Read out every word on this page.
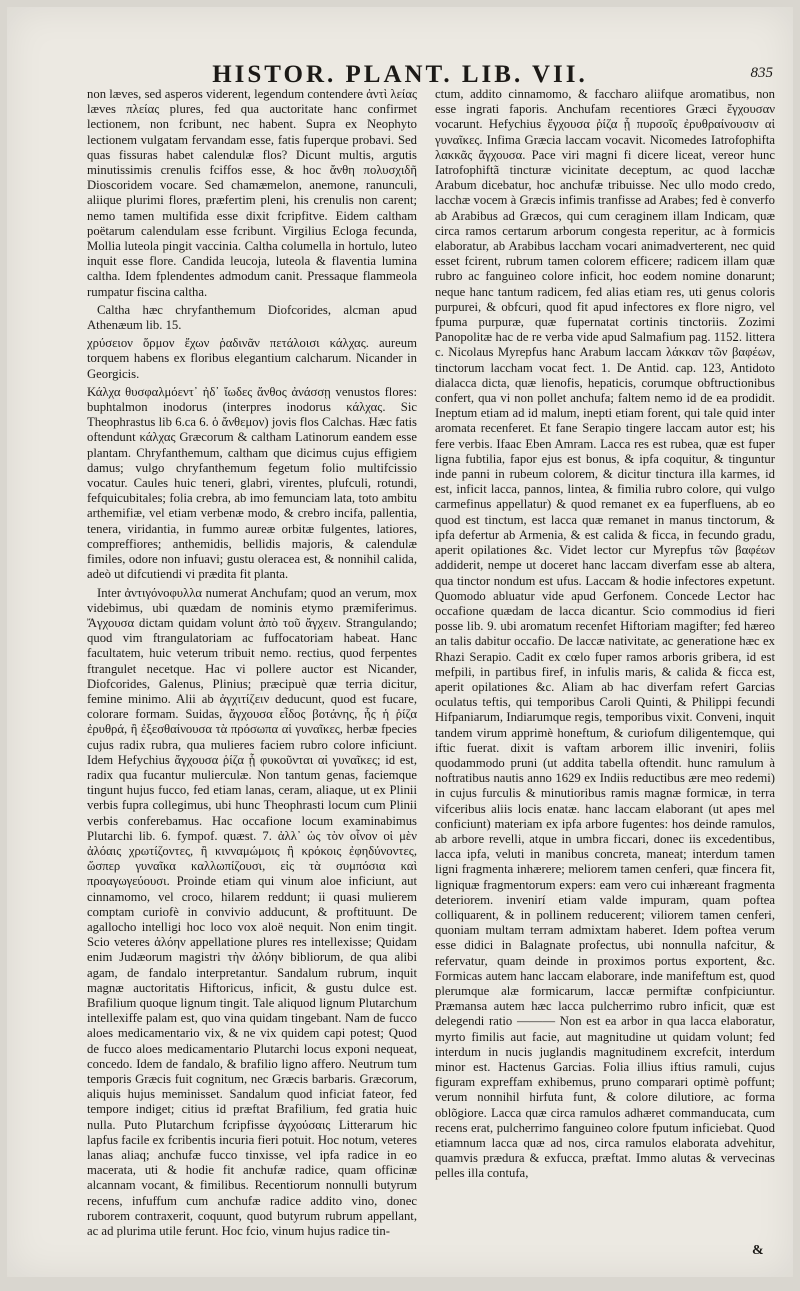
HISTOR. PLANT. LIB. VII.	835

non læves, sed asperos viderent, legendum contendere ἀντὶ λείας læves πλείας plures, fed qua auctoritate hanc confirmet lectionem, non fcribunt, nec habent. Supra ex Neophyto lectionem vulgatam fervandam esse, fatis fuperque probavi. Sed quas fissuras habet calendulæ flos? Dicunt multis, argutis minutissimis crenulis fciffos esse, & hoc ἄνθη πολυσχιδῆ Dioscoridem vocare. Sed chamæmelon, anemone, ranunculi, aliique plurimi flores, præfertim pleni, his crenulis non carent; nemo tamen multifida esse dixit fcripfitve. Eidem caltham poëtarum calendulam esse fcribunt. Virgilius Ecloga fecunda, Mollia luteola pingit vaccinia. Caltha columella in hortulo, luteo inquit esse flore. Candida leucoja, luteola & flaventia lumina caltha. Idem fplendentes admodum canit. Pressaque flammeola rumpatur fiscina caltha.

Caltha hæc chryfanthemum Diofcorides, alcman apud Athenæum lib. 15.

χρύσειον ὅρμον ἔχων ῥαδινᾶν πετάλοισι κάλχας. aureum torquem habens ex floribus elegantium calcharum. Nicander in Georgicis.

Κάλχα θυσφαλμόεντ᾽ ἠδ᾽ ἴωδες ἄνθος ἀνάσσῃ venustos flores: buphtalmon inodorus (interpres inodorus κάλχας. Sic Theophrastus lib 6.ca 6. ὁ ἄνθεμον) jovis flos Calchas. Hæc fatis oftendunt κάλχας Græcorum & caltham Latinorum eandem esse plantam. Chryfanthemum, caltham que dicimus cujus effigiem damus; vulgo chryfanthemum fegetum folio multifcissio vocatur. Caules huic teneri, glabri, virentes, plufculi, rotundi, fefquicubitales; folia crebra, ab imo femunciam lata, toto ambitu arthemifiæ, vel etiam verbenæ modo, & crebro incifa, pallentia, tenera, viridantia, in fummo aureæ orbitæ fulgentes, latiores, compreffiores; anthemidis, bellidis majoris, & calendulæ fimiles, odore non infuavi; gustu oleracea est, & nonnihil calida, adeò ut difcutiendi vi prædita fit planta.

Inter ἀντιγόνοφυλλα numerat Anchufam; quod an verum, mox videbimus, ubi quædam de nominis etymo præmiferimus. Ἄγχουσα dictam quidam volunt ἀπὸ τοῦ ἄγχειν. Strangulando; quod vim ftrangulatoriam ac fuffocatoriam habeat. Hanc facultatem, huic veterum tribuit nemo. rectius, quod ferpentes ftrangulet necetque. Hac vi pollere auctor est Nicander, Diofcorides, Galenus, Plinius; præcipuè quæ terria dicitur, femine minimo. Alii ab ἀγχιτίζειν deducunt, quod est fucare, colorare formam. Suidas, ἄγχουσα εἶδος βοτάνης, ἧς ἡ ῥίζα ἐρυθρά, ἢ ἐξεσθαίνουσα τὰ πρόσωπα αἱ γυναῖκες, herbæ fpecies cujus radix rubra, qua mulieres faciem rubro colore inficiunt. Idem Hefychius ἄγχουσα ῥίζα ᾗ φυκοῦνται αἱ γυναῖκες; id est, radix qua fucantur mulierculæ. Non tantum genas, faciemque tingunt hujus fucco, fed etiam lanas, ceram, aliaque, ut ex Plinii verbis fupra collegimus, ubi hunc Theophrasti locum cum Plinii verbis conferebamus. Hac occafione locum examinabimus Plutarchi lib. 6. fympof. quæst. 7. ἀλλ᾽ ὡς τὸν οἶνον οἱ μὲν ἀλόαις χρωτίζοντες, ἢ κινναμώμοις ἢ κρόκοις ἐφηδύνοντες, ὥσπερ γυναῖκα καλλωπίζουσι, εἰς τὰ συμπόσια καὶ προαγωγεύουσι. Proinde etiam qui vinum aloe inficiunt, aut cinnamomo, vel croco, hilarem reddunt; ii quasi mulierem comptam curiofè in convivio adducunt, & proftituunt. De agallocho intelligi hoc loco vox aloë nequit. Non enim tingit. Scio veteres ἀλόην appellatione plures res intellexisse; Quidam enim Judæorum magistri τὴν ἀλόην bibliorum, de qua alibi agam, de fandalo interpretantur. Sandalum rubrum, inquit magnæ auctoritatis Hiftoricus, inficit, & gustu dulce est. Brafilium quoque lignum tingit. Tale aliquod lignum Plutarchum intellexiffe palam est, quo vina quidam tingebant. Nam de fucco aloes medicamentario vix, & ne vix quidem capi potest; Quod de fucco aloes medicamentario Plutarchi locus exponi nequeat, concedo. Idem de fandalo, & brafilio ligno affero. Neutrum tum temporis Græcis fuit cognitum, nec Græcis barbaris. Græcorum, aliquis hujus meminisset. Sandalum quod inficiat fateor, fed tempore indiget; citius id præftat Brafilium, fed gratia huic nulla. Puto Plutarchum fcripfisse ἀγχούσαις Litterarum hic lapfus facile ex fcribentis incuria fieri potuit. Hoc notum, veteres lanas aliaq; anchufæ fucco tinxisse, vel ipfa radice in eo macerata, uti & hodie fit anchufæ radice, quam officinæ alcannam vocant, & fimilibus. Recentiorum nonnulli butyrum recens, infuffum cum anchufæ radice addito vino, donec ruborem contraxerit, coquunt, quod butyrum rubrum appellant, ac ad plurima utile ferunt. Hoc fcio, vinum hujus radice tin-

ctum, addito cinnamomo, & faccharo aliifque aromatibus, non esse ingrati faporis. Anchufam recentiores Græci ἔγχουσαν vocarunt. Hefychius ἔγχουσα ῥίζα ᾗ πυρσοῖς ἐρυθραίνουσιν αἱ γυναῖκες. Infima Græcia laccam vocavit. Nicomedes Iatrofophifta λακκᾶς ἄγχουσα. Pace viri magni fi dicere liceat, vereor hunc Iatrofophiftã tincturæ vicinitate deceptum, ac quod lacchæ Arabum dicebatur, hoc anchufæ tribuisse. Nec ullo modo credo, lacchæ vocem à Græcis infimis tranfisse ad Arabes; fed è converfo ab Arabibus ad Græcos, qui cum ceraginem illam Indicam, quæ circa ramos certarum arborum congesta reperitur, ac à formicis elaboratur, ab Arabibus laccham vocari animadverterent, nec quid esset fcirent, rubrum tamen colorem efficere; radicem illam quæ rubro ac fanguineo colore inficit, hoc eodem nomine donarunt; neque hanc tantum radicem, fed alias etiam res, uti genus coloris purpurei, & obfcuri, quod fit apud infectores ex flore nigro, vel fpuma purpuræ, quæ fupernatat cortinis tinctoriis. Zozimi Panopolitæ hac de re verba vide apud Salmafium pag. 1152. littera c. Nicolaus Myrepfus hanc Arabum laccam λάκκαν τῶν βαφέων, tinctorum laccham vocat fect. 1. De Antid. cap. 123, Antidoto dialacca dicta, quæ lienofis, hepaticis, corumque obftructionibus confert, qua vi non pollet anchufa; faltem nemo id de ea prodidit. Ineptum etiam ad id malum, inepti etiam forent, qui tale quid inter aromata recenferet. Et fane Serapio tingere laccam autor est; his fere verbis. Ifaac Eben Amram. Lacca res est rubea, quæ est fuper ligna fubtilia, fapor ejus est bonus, & ipfa coquitur, & tinguntur inde panni in rubeum colorem, & dicitur tinctura illa karmes, id est, inficit lacca, pannos, lintea, & fimilia rubro colore, qui vulgo carmefinus appellatur) & quod remanet ex ea fuperfluens, ab eo quod est tinctum, est lacca quæ remanet in manus tinctorum, & ipfa defertur ab Armenia, & est calida & ficca, in fecundo gradu, aperit opilationes &c. Videt lector cur Myrepfus τῶν βαφέων addiderit, nempe ut doceret hanc laccam diverfam esse ab altera, qua tinctor nondum est ufus. Laccam & hodie infectores expetunt. Quomodo abluatur vide apud Gerfonem. Concede Lector hac occafione quædam de lacca dicantur. Scio commodius id fieri posse lib. 9. ubi aromatum recenfet Hiftoriam magifter; fed hæreo an talis dabitur occafio. De laccæ nativitate, ac generatione hæc ex Rhazi Serapio. Cadit ex cœlo fuper ramos arboris gribera, id est mefpili, in partibus firef, in infulis maris, & calida & ficca est, aperit opilationes &c. Aliam ab hac diverfam refert Garcias oculatus teftis, qui temporibus Caroli Quinti, & Philippi fecundi Hifpaniarum, Indiarumque regis, temporibus vixit. Conveni, inquit tandem virum apprimè honeftum, & curiofum diligentemque, qui iftic fuerat. dixit is vaftam arborem illic inveniri, foliis quodammodo pruni (ut addita tabella oftendit. hunc ramulum à noftratibus nautis anno 1629 ex Indiis reductibus ære meo redemi) in cujus furculis & minutioribus ramis magnæ formicæ, in terra vifceribus aliis locis enatæ. hanc laccam elaborant (ut apes mel conficiunt) materiam ex ipfa arbore fugentes: hos deinde ramulos, ab arbore revelli, atque in umbra ficcari, donec iis excedentibus, lacca ipfa, veluti in manibus concreta, maneat; interdum tamen ligni fragmenta inhærere; meliorem tamen cenferi, quæ fincera fit, ligniquæ fragmentorum expers: eam vero cui inhæreant fragmenta deteriorem. invenirí etiam valde impuram, quam poftea colliquarent, & in pollinem reducerent; viliorem tamen cenferi, quoniam multam terram admixtam haberet. Idem poftea verum esse didici in Balagnate profectus, ubi nonnulla nafcitur, & refervatur, quam deinde in proximos portus exportent, &c. Formicas autem hanc laccam elaborare, inde manifeftum est, quod plerumque alæ formicarum, laccæ permiftæ confpiciuntur. Præmansa autem hæc lacca pulcherrimo rubro inficit, quæ est delegendi ratio ——— Non est ea arbor in qua lacca elaboratur, myrto fimilis aut facie, aut magnitudine ut quidam volunt; fed interdum in nucis juglandis magnitudinem excrefcit, interdum minor est. Hactenus Garcias. Folia illius iftius ramuli, cujus figuram expreffam exhibemus, pruno comparari optimè poffunt; verum nonnihil hirfuta funt, & colore dilutiore, ac forma oblõgiore. Lacca quæ circa ramulos adhæret commanducata, cum recens erat, pulcherrimo fanguineo colore fputum inficiebat. Quod etiamnum lacca quæ ad nos, circa ramulos elaborata advehitur, quamvis prædura & exfucca, præftat. Immo alutas & vervecinas pelles illa contufa,

&
